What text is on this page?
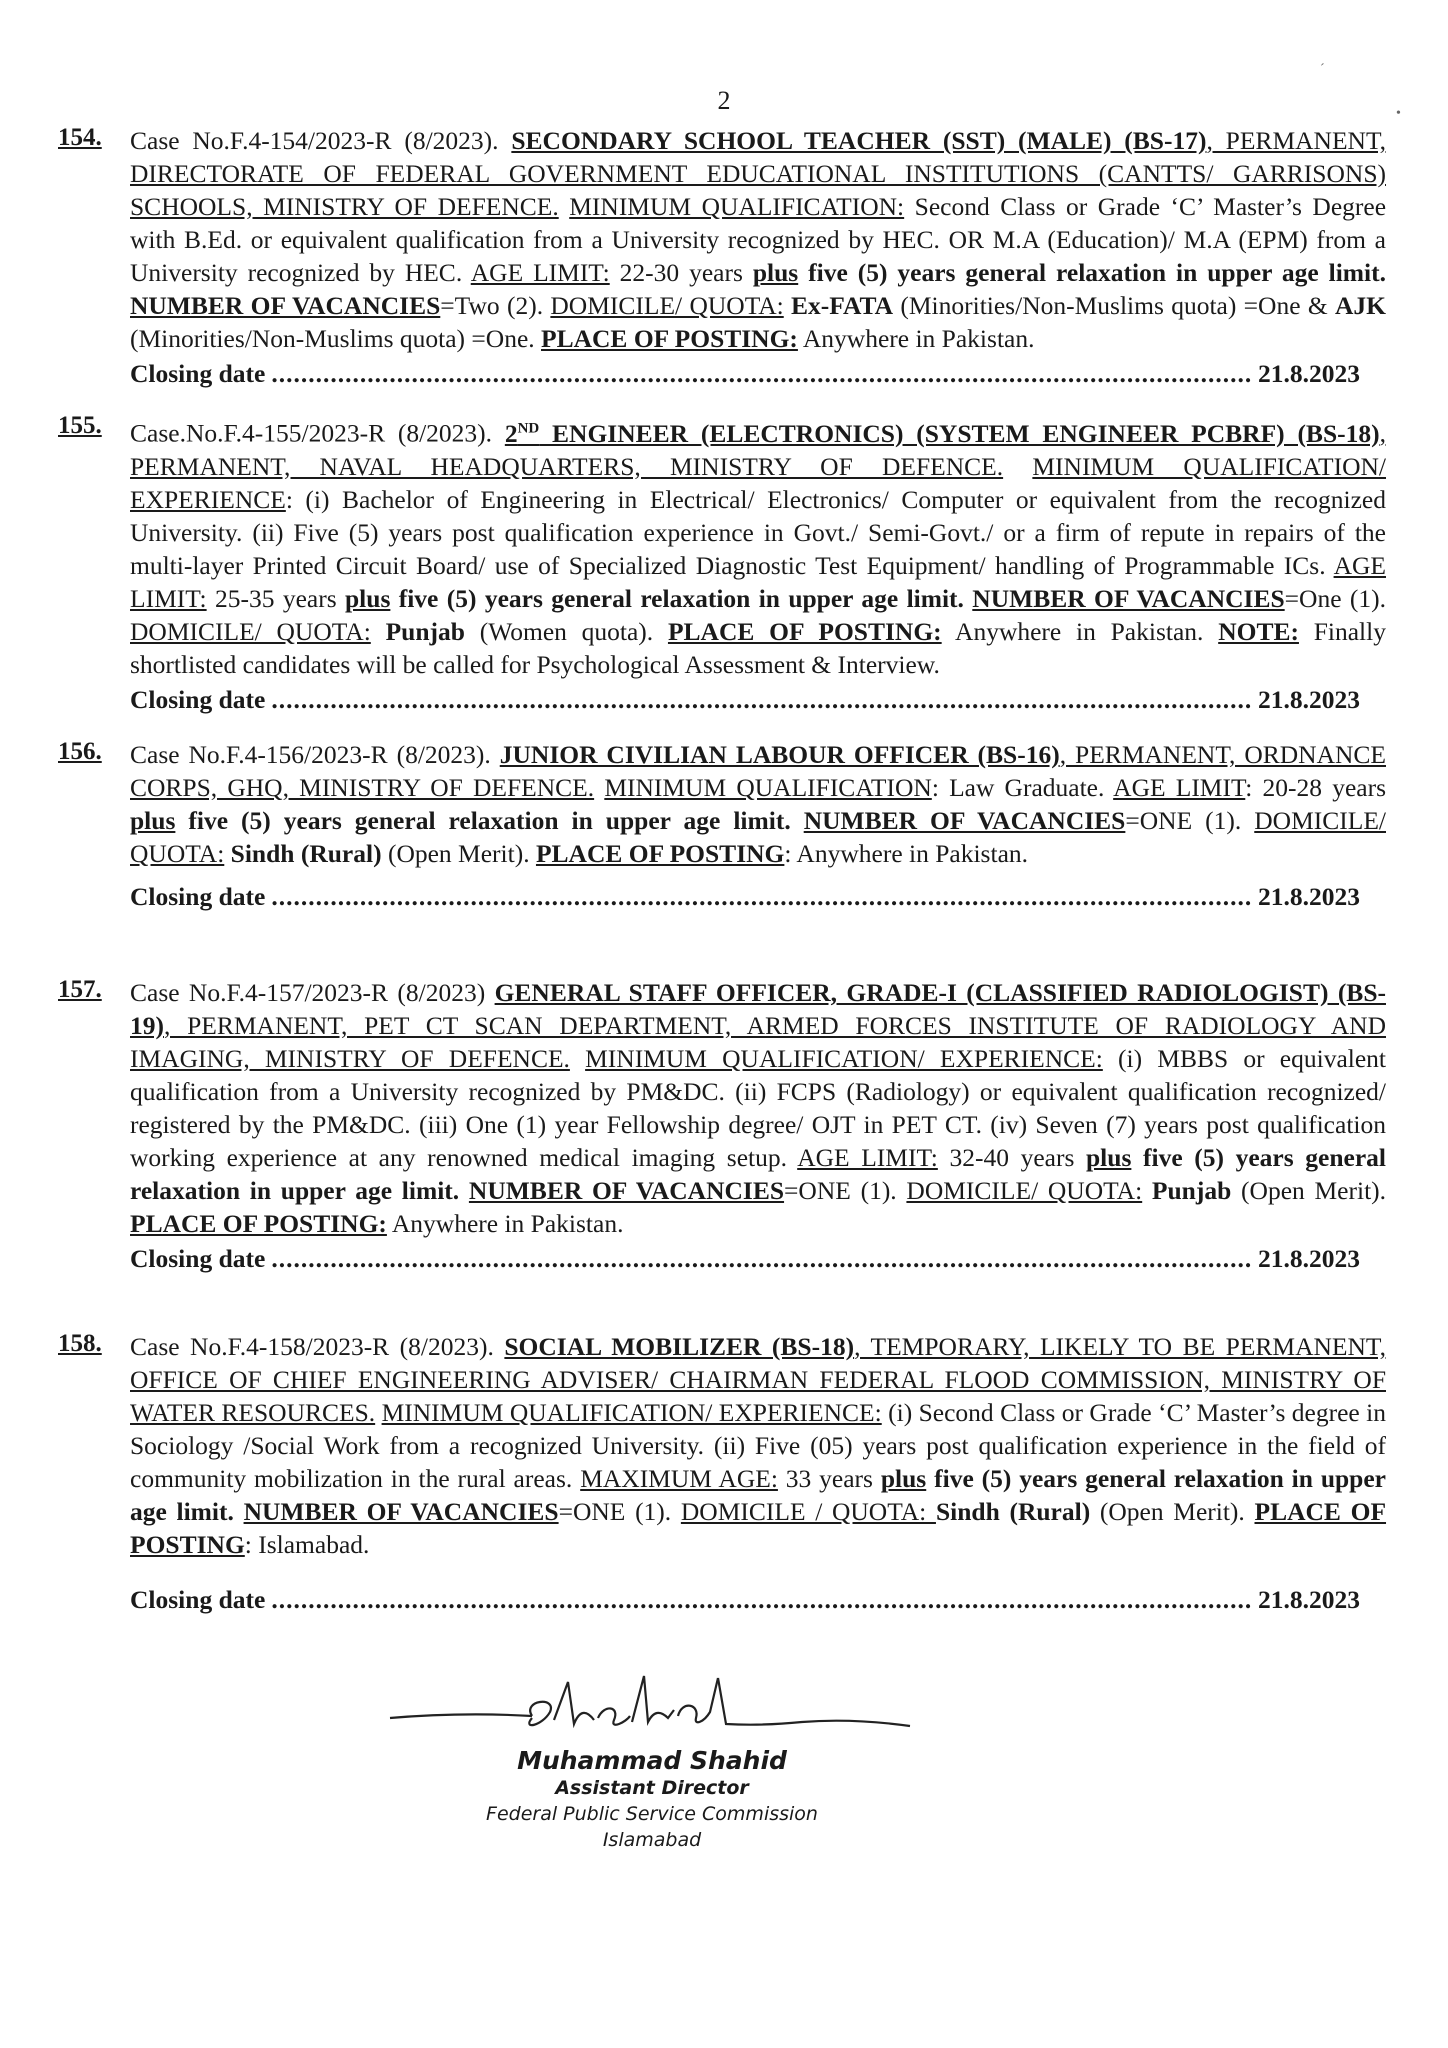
2
154.	Case No.F.4-154/2023-R (8/2023). SECONDARY SCHOOL TEACHER (SST) (MALE) (BS-17), PERMANENT, DIRECTORATE OF FEDERAL GOVERNMENT EDUCATIONAL INSTITUTIONS (CANTTS/ GARRISONS) SCHOOLS, MINISTRY OF DEFENCE. MINIMUM QUALIFICATION: Second Class or Grade ‘C’ Master’s Degree with B.Ed. or equivalent qualification from a University recognized by HEC. OR M.A (Education)/ M.A (EPM) from a University recognized by HEC. AGE LIMIT: 22-30 years plus five (5) years general relaxation in upper age limit. NUMBER OF VACANCIES=Two (2). DOMICILE/ QUOTA: Ex-FATA (Minorities/Non-Muslims quota) =One & AJK (Minorities/Non-Muslims quota) =One. PLACE OF POSTING: Anywhere in Pakistan.
Closing date .....	21.8.2023
155.	Case.No.F.4-155/2023-R (8/2023). 2ND ENGINEER (ELECTRONICS) (SYSTEM ENGINEER PCBRF) (BS-18), PERMANENT, NAVAL HEADQUARTERS, MINISTRY OF DEFENCE. MINIMUM QUALIFICATION/ EXPERIENCE: (i) Bachelor of Engineering in Electrical/ Electronics/ Computer or equivalent from the recognized University. (ii) Five (5) years post qualification experience in Govt./ Semi-Govt./ or a firm of repute in repairs of the multi-layer Printed Circuit Board/ use of Specialized Diagnostic Test Equipment/ handling of Programmable ICs. AGE LIMIT: 25-35 years plus five (5) years general relaxation in upper age limit. NUMBER OF VACANCIES=One (1). DOMICILE/ QUOTA: Punjab (Women quota). PLACE OF POSTING: Anywhere in Pakistan. NOTE: Finally shortlisted candidates will be called for Psychological Assessment & Interview.
Closing date .....	21.8.2023
156.	Case No.F.4-156/2023-R (8/2023). JUNIOR CIVILIAN LABOUR OFFICER (BS-16), PERMANENT, ORDNANCE CORPS, GHQ, MINISTRY OF DEFENCE. MINIMUM QUALIFICATION: Law Graduate. AGE LIMIT: 20-28 years plus five (5) years general relaxation in upper age limit. NUMBER OF VACANCIES=ONE (1). DOMICILE/ QUOTA: Sindh (Rural) (Open Merit). PLACE OF POSTING: Anywhere in Pakistan.
Closing date .....	21.8.2023
157.	Case No.F.4-157/2023-R (8/2023) GENERAL STAFF OFFICER, GRADE-I (CLASSIFIED RADIOLOGIST) (BS-19), PERMANENT, PET CT SCAN DEPARTMENT, ARMED FORCES INSTITUTE OF RADIOLOGY AND IMAGING, MINISTRY OF DEFENCE. MINIMUM QUALIFICATION/ EXPERIENCE: (i) MBBS or equivalent qualification from a University recognized by PM&DC. (ii) FCPS (Radiology) or equivalent qualification recognized/ registered by the PM&DC. (iii) One (1) year Fellowship degree/ OJT in PET CT. (iv) Seven (7) years post qualification working experience at any renowned medical imaging setup. AGE LIMIT: 32-40 years plus five (5) years general relaxation in upper age limit. NUMBER OF VACANCIES=ONE (1). DOMICILE/ QUOTA: Punjab (Open Merit). PLACE OF POSTING: Anywhere in Pakistan.
Closing date .....	21.8.2023
158.	Case No.F.4-158/2023-R (8/2023). SOCIAL MOBILIZER (BS-18), TEMPORARY, LIKELY TO BE PERMANENT, OFFICE OF CHIEF ENGINEERING ADVISER/ CHAIRMAN FEDERAL FLOOD COMMISSION, MINISTRY OF WATER RESOURCES. MINIMUM QUALIFICATION/ EXPERIENCE: (i) Second Class or Grade ‘C’ Master’s degree in Sociology /Social Work from a recognized University. (ii) Five (05) years post qualification experience in the field of community mobilization in the rural areas. MAXIMUM AGE: 33 years plus five (5) years general relaxation in upper age limit. NUMBER OF VACANCIES=ONE (1). DOMICILE / QUOTA: Sindh (Rural) (Open Merit). PLACE OF POSTING: Islamabad.
Closing date .....	21.8.2023
Muhammad Shahid
Assistant Director
Federal Public Service Commission
Islamabad
•
ˊ
